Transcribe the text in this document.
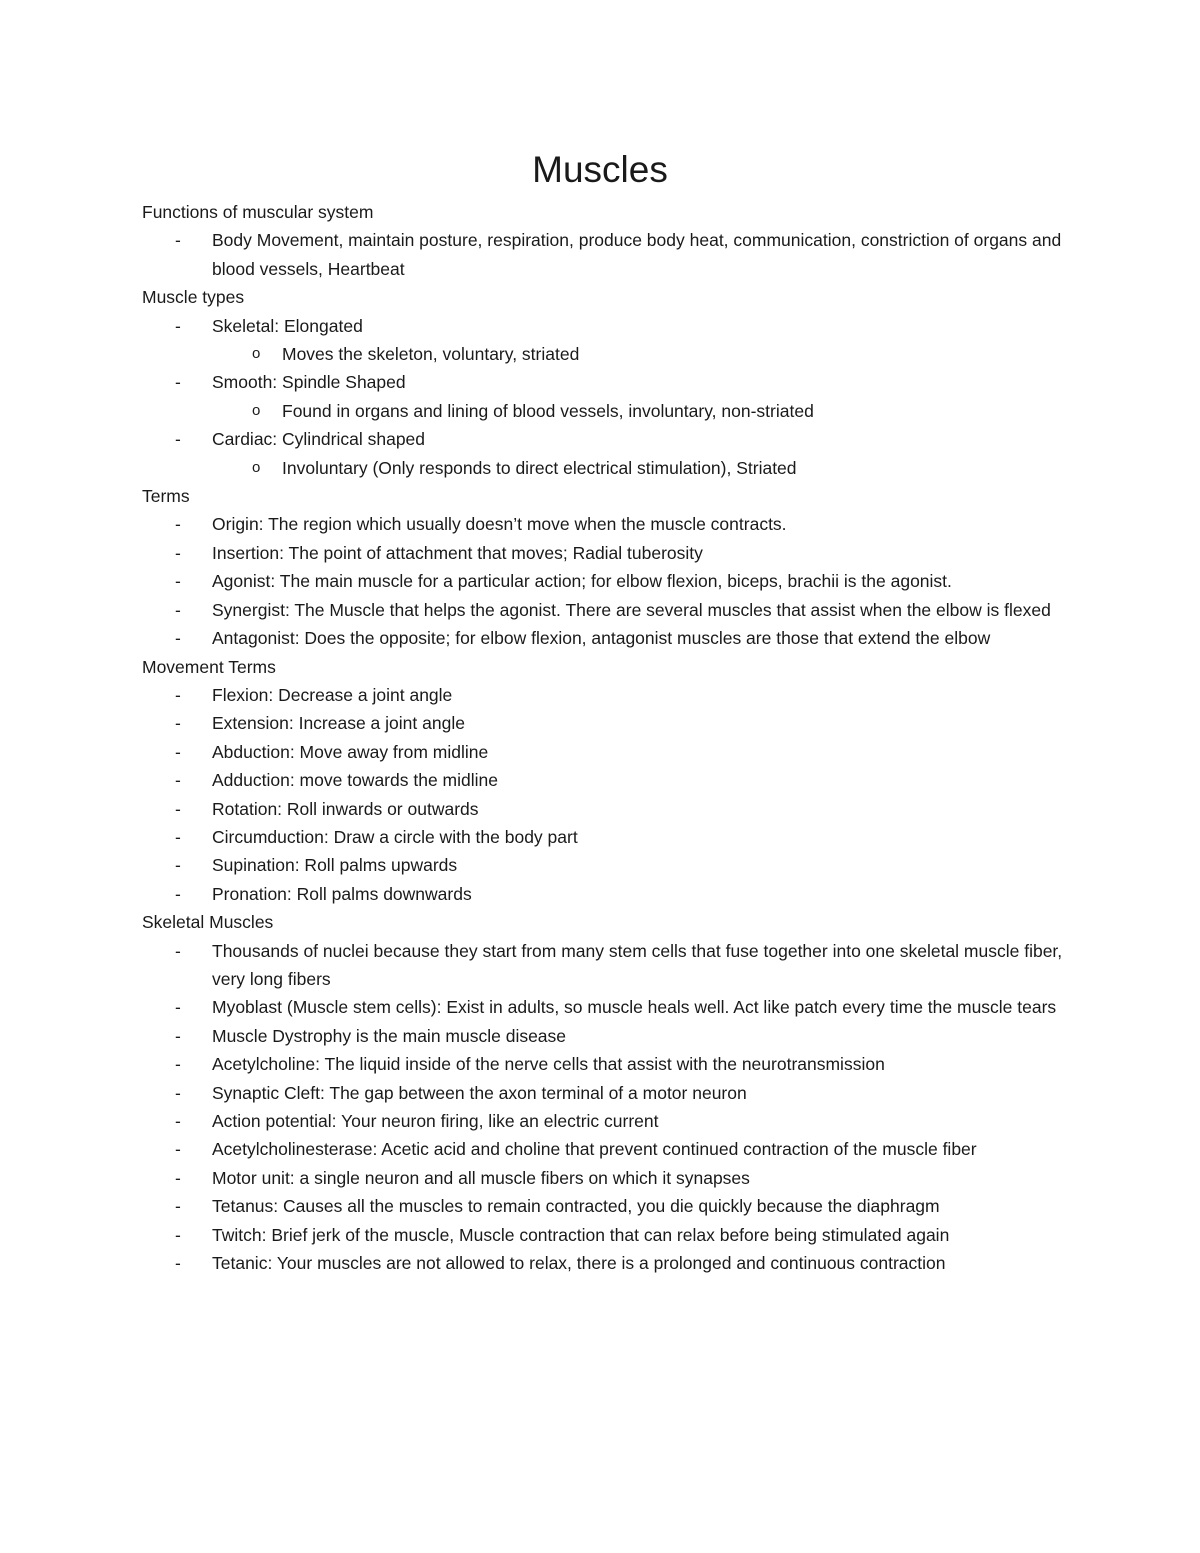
Muscles
Functions of muscular system
- Body Movement, maintain posture, respiration, produce body heat, communication, constriction of organs and blood vessels, Heartbeat
Muscle types
- Skeletal: Elongated
o Moves the skeleton, voluntary, striated
- Smooth: Spindle Shaped
o Found in organs and lining of blood vessels, involuntary, non-striated
- Cardiac: Cylindrical shaped
o Involuntary (Only responds to direct electrical stimulation), Striated
Terms
- Origin: The region which usually doesn’t move when the muscle contracts.
- Insertion: The point of attachment that moves; Radial tuberosity
- Agonist: The main muscle for a particular action; for elbow flexion, biceps, brachii is the agonist.
- Synergist: The Muscle that helps the agonist. There are several muscles that assist when the elbow is flexed
- Antagonist: Does the opposite; for elbow flexion, antagonist muscles are those that extend the elbow
Movement Terms
- Flexion: Decrease a joint angle
- Extension: Increase a joint angle
- Abduction: Move away from midline
- Adduction: move towards the midline
- Rotation: Roll inwards or outwards
- Circumduction: Draw a circle with the body part
- Supination: Roll palms upwards
- Pronation: Roll palms downwards
Skeletal Muscles
- Thousands of nuclei because they start from many stem cells that fuse together into one skeletal muscle fiber, very long fibers
- Myoblast (Muscle stem cells): Exist in adults, so muscle heals well. Act like patch every time the muscle tears
- Muscle Dystrophy is the main muscle disease
- Acetylcholine: The liquid inside of the nerve cells that assist with the neurotransmission
- Synaptic Cleft: The gap between the axon terminal of a motor neuron
- Action potential: Your neuron firing, like an electric current
- Acetylcholinesterase: Acetic acid and choline that prevent continued contraction of the muscle fiber
- Motor unit: a single neuron and all muscle fibers on which it synapses
- Tetanus: Causes all the muscles to remain contracted, you die quickly because the diaphragm
- Twitch: Brief jerk of the muscle, Muscle contraction that can relax before being stimulated again
- Tetanic: Your muscles are not allowed to relax, there is a prolonged and continuous contraction
